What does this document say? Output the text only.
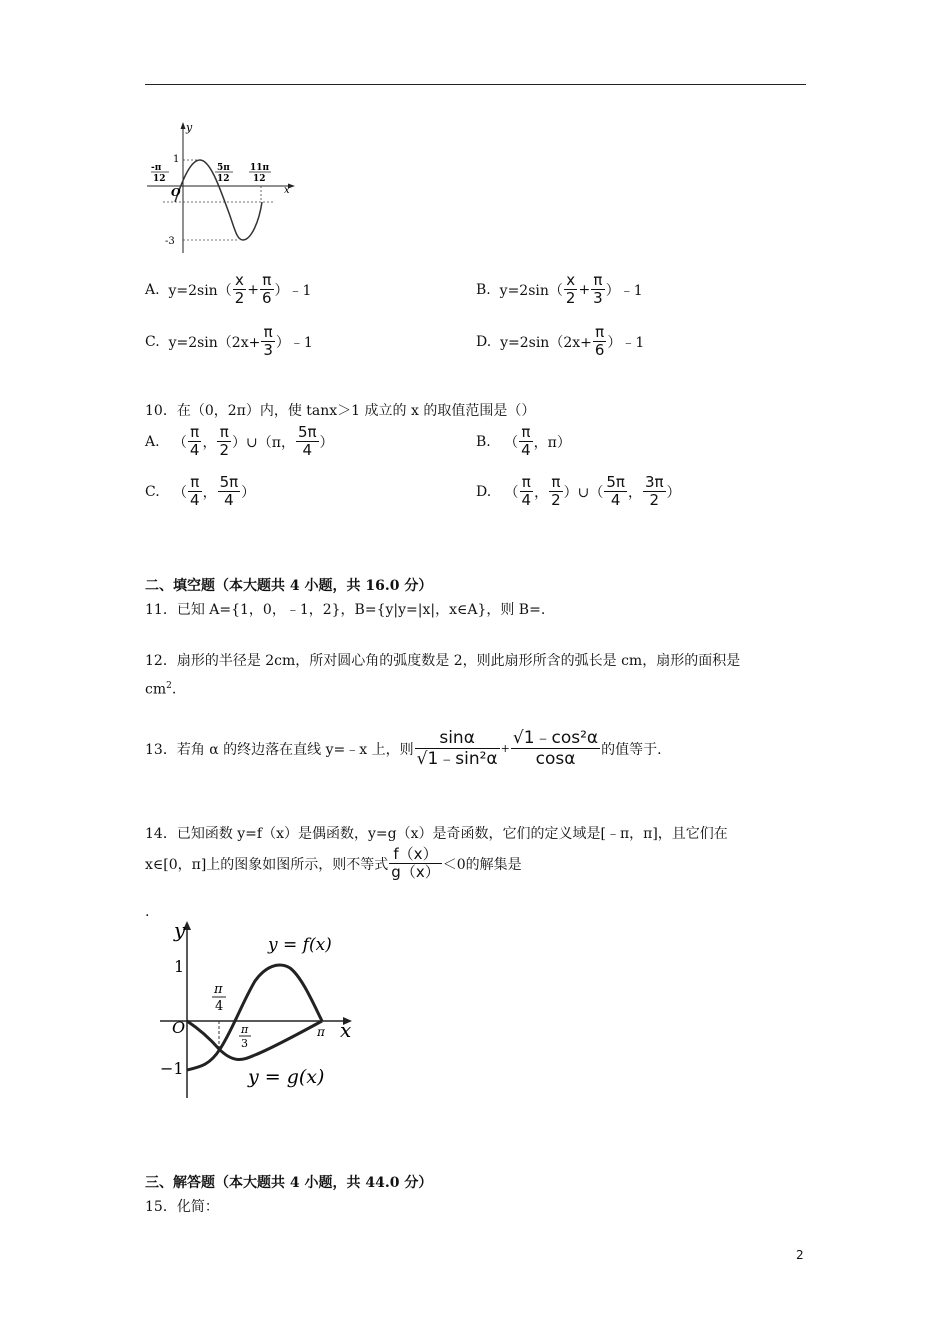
y
x
O
1
-3
-π
12
5π
12
11π
12
A. $y=2\sin( \frac{x}{2} + \frac{\pi}{6}$ ）﹣1	B. $y=2\sin( \frac{x}{2} + \frac{\pi}{3}$ ）﹣1
C. $y=2\sin(2x+ \frac{\pi}{3}$ ）﹣1	D. $y=2\sin(2x+ \frac{\pi}{6}$ ）﹣1
10．在（0，2π）内，使 tanx＞1 成立的 x 的取值范围是（）
A. （ $\frac{\pi}{4}$ ， $\frac{\pi}{2}$ ）∪（π， $\frac{5\pi}{4}$ ）	B. （ $\frac{\pi}{4}$ ，π）
C. （ $\frac{\pi}{4}$ ， $\frac{5\pi}{4}$ ）	D. （ $\frac{\pi}{4}$ ， $\frac{\pi}{2}$ ）∪（ $\frac{5\pi}{4}$ ， $\frac{3\pi}{2}$ ）
二、填空题（本大题共 4 小题，共 16.0 分）
11．已知 A={1，0，﹣1，2}，B={y|y=|x|，x∈A}，则 B=.
12．扇形的半径是 2cm，所对圆心角的弧度数是 2，则此扇形所含的弧长是 cm，扇形的面积是
$cm^2$.
13．若角 α 的终边落在直线 y=﹣x 上，则 $\frac{\sin\alpha}{\text{√1﹣sin²α}} + \frac{\text{√1﹣cos²α}}{\cos\alpha}$ 的值等于.
14．已知函数 y=f（x）是偶函数，y=g（x）是奇函数，它们的定义域是[﹣π，π]，且它们在
x∈[0，π]上的图象如图所示，则不等式 $\frac{f(x)}{g(x)} <0$的解集是
.
y
x
O
1
−1
π
4
π
3
π
y = f(x)
y = g(x)
三、解答题（本大题共 4 小题，共 44.0 分）
15．化简：
2
